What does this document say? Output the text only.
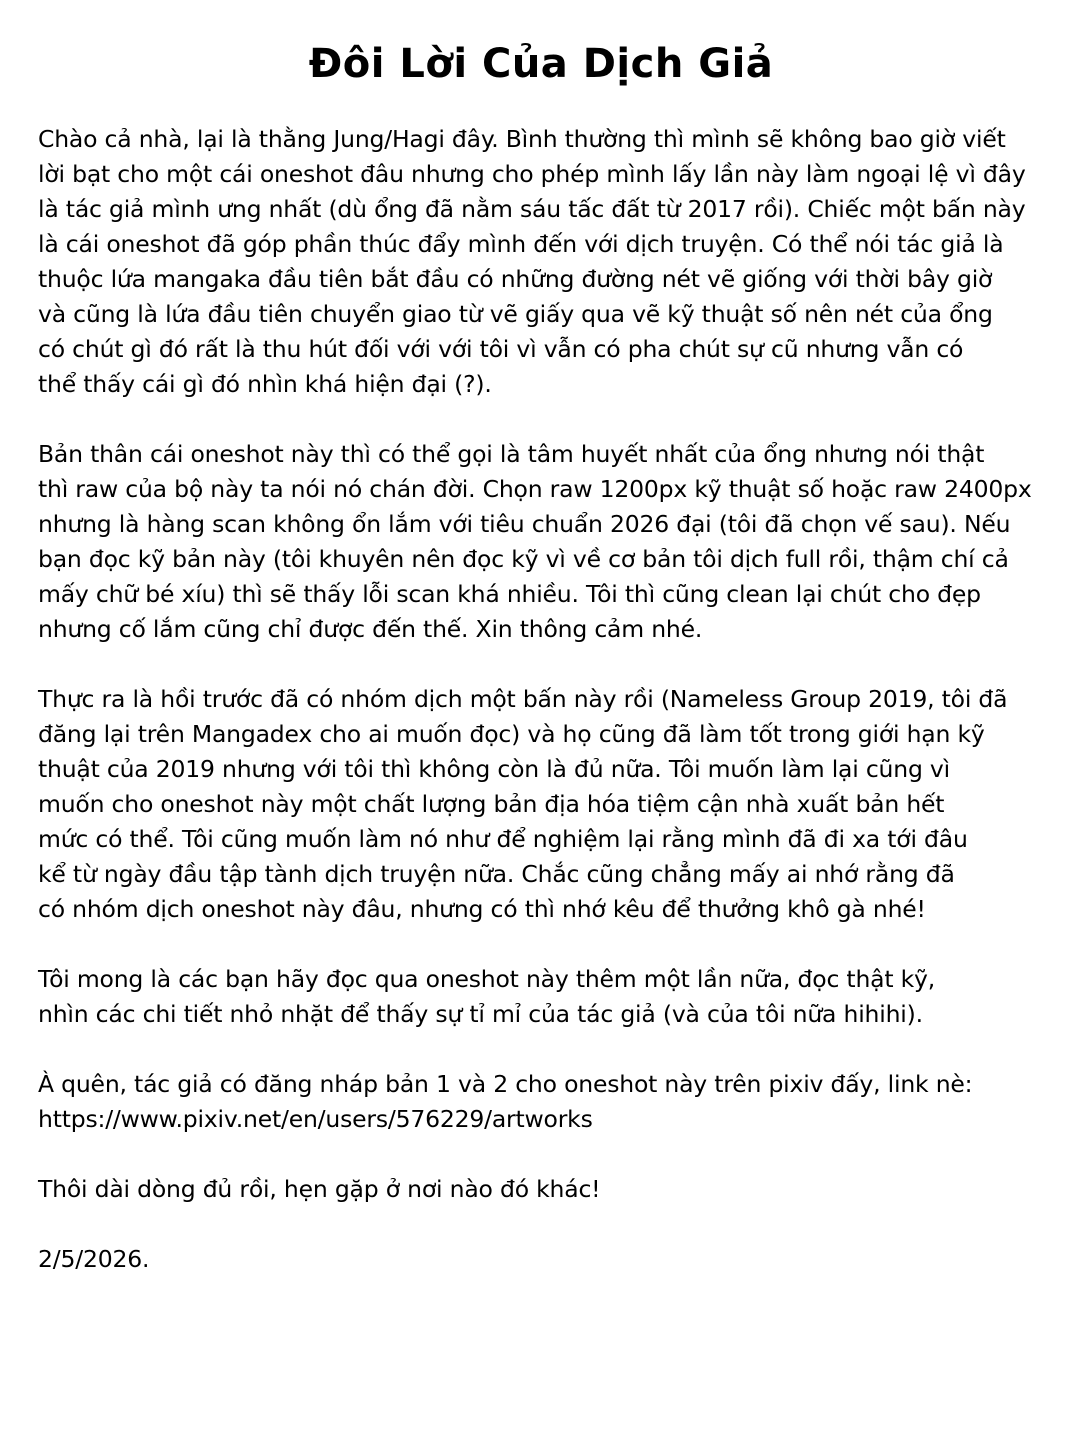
Đôi Lời Của Dịch Giả

Chào cả nhà, lại là thằng Jung/Hagi đây. Bình thường thì mình sẽ không bao giờ viết
lời bạt cho một cái oneshot đâu nhưng cho phép mình lấy lần này làm ngoại lệ vì đây
là tác giả mình ưng nhất (dù ổng đã nằm sáu tấc đất từ 2017 rồi). Chiếc một bấn này
là cái oneshot đã góp phần thúc đẩy mình đến với dịch truyện. Có thể nói tác giả là
thuộc lứa mangaka đầu tiên bắt đầu có những đường nét vẽ giống với thời bây giờ
và cũng là lứa đầu tiên chuyển giao từ vẽ giấy qua vẽ kỹ thuật số nên nét của ổng
có chút gì đó rất là thu hút đối với với tôi vì vẫn có pha chút sự cũ nhưng vẫn có
thể thấy cái gì đó nhìn khá hiện đại (?).

Bản thân cái oneshot này thì có thể gọi là tâm huyết nhất của ổng nhưng nói thật
thì raw của bộ này ta nói nó chán đời. Chọn raw 1200px kỹ thuật số hoặc raw 2400px
nhưng là hàng scan không ổn lắm với tiêu chuẩn 2026 đại (tôi đã chọn vế sau). Nếu
bạn đọc kỹ bản này (tôi khuyên nên đọc kỹ vì về cơ bản tôi dịch full rồi, thậm chí cả
mấy chữ bé xíu) thì sẽ thấy lỗi scan khá nhiều. Tôi thì cũng clean lại chút cho đẹp
nhưng cố lắm cũng chỉ được đến thế. Xin thông cảm nhé.

Thực ra là hồi trước đã có nhóm dịch một bấn này rồi (Nameless Group 2019, tôi đã
đăng lại trên Mangadex cho ai muốn đọc) và họ cũng đã làm tốt trong giới hạn kỹ
thuật của 2019 nhưng với tôi thì không còn là đủ nữa. Tôi muốn làm lại cũng vì
muốn cho oneshot này một chất lượng bản địa hóa tiệm cận nhà xuất bản hết
mức có thể. Tôi cũng muốn làm nó như để nghiệm lại rằng mình đã đi xa tới đâu
kể từ ngày đầu tập tành dịch truyện nữa. Chắc cũng chẳng mấy ai nhớ rằng đã
có nhóm dịch oneshot này đâu, nhưng có thì nhớ kêu để thưởng khô gà nhé!

Tôi mong là các bạn hãy đọc qua oneshot này thêm một lần nữa, đọc thật kỹ,
nhìn các chi tiết nhỏ nhặt để thấy sự tỉ mỉ của tác giả (và của tôi nữa hihihi).

À quên, tác giả có đăng nháp bản 1 và 2 cho oneshot này trên pixiv đấy, link nè:
https://www.pixiv.net/en/users/576229/artworks

Thôi dài dòng đủ rồi, hẹn gặp ở nơi nào đó khác!

2/5/2026.
